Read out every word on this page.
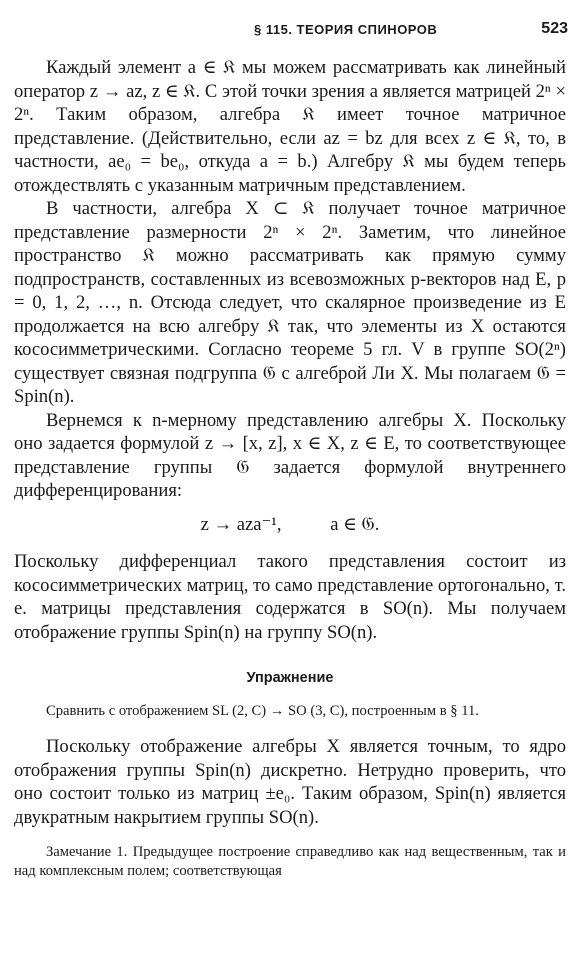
§ 115. ТЕОРИЯ СПИНОРОВ	523

Каждый элемент a ∈ 𝔎 мы можем рассматривать как линейный оператор z → az, z ∈ 𝔎. С этой точки зрения a является матрицей 2ⁿ × 2ⁿ. Таким образом, алгебра 𝔎 имеет точное матричное представление. (Действительно, если az = bz для всех z ∈ 𝔎, то, в частности, ae₀ = be₀, откуда a = b.) Алгебру 𝔎 мы будем теперь отождествлять с указанным матричным представлением.

В частности, алгебра X ⊂ 𝔎 получает точное матричное представление размерности 2ⁿ × 2ⁿ. Заметим, что линейное пространство 𝔎 можно рассматривать как прямую сумму подпространств, составленных из всевозможных p-векторов над E, p = 0, 1, 2, …, n. Отсюда следует, что скалярное произведение из E продолжается на всю алгебру 𝔎 так, что элементы из X остаются кососимметрическими. Согласно теореме 5 гл. V в группе SO(2ⁿ) существует связная подгруппа 𝔊 с алгеброй Ли X. Мы полагаем 𝔊 = Spin(n).

Вернемся к n-мерному представлению алгебры X. Поскольку оно задается формулой z → [x, z], x ∈ X, z ∈ E, то соответствующее представление группы 𝔊 задается формулой внутреннего дифференцирования:

z → aza⁻¹,	a ∈ 𝔊.

Поскольку дифференциал такого представления состоит из кососимметрических матриц, то само представление ортогонально, т. е. матрицы представления содержатся в SO(n). Мы получаем отображение группы Spin(n) на группу SO(n).

Упражнение

Сравнить с отображением SL (2, C) → SO (3, C), построенным в § 11.

Поскольку отображение алгебры X является точным, то ядро отображения группы Spin(n) дискретно. Нетрудно проверить, что оно состоит только из матриц ±e₀. Таким образом, Spin(n) является двукратным накрытием группы SO(n).

Замечание 1. Предыдущее построение справедливо как над вещественным, так и над комплексным полем; соответствующая
